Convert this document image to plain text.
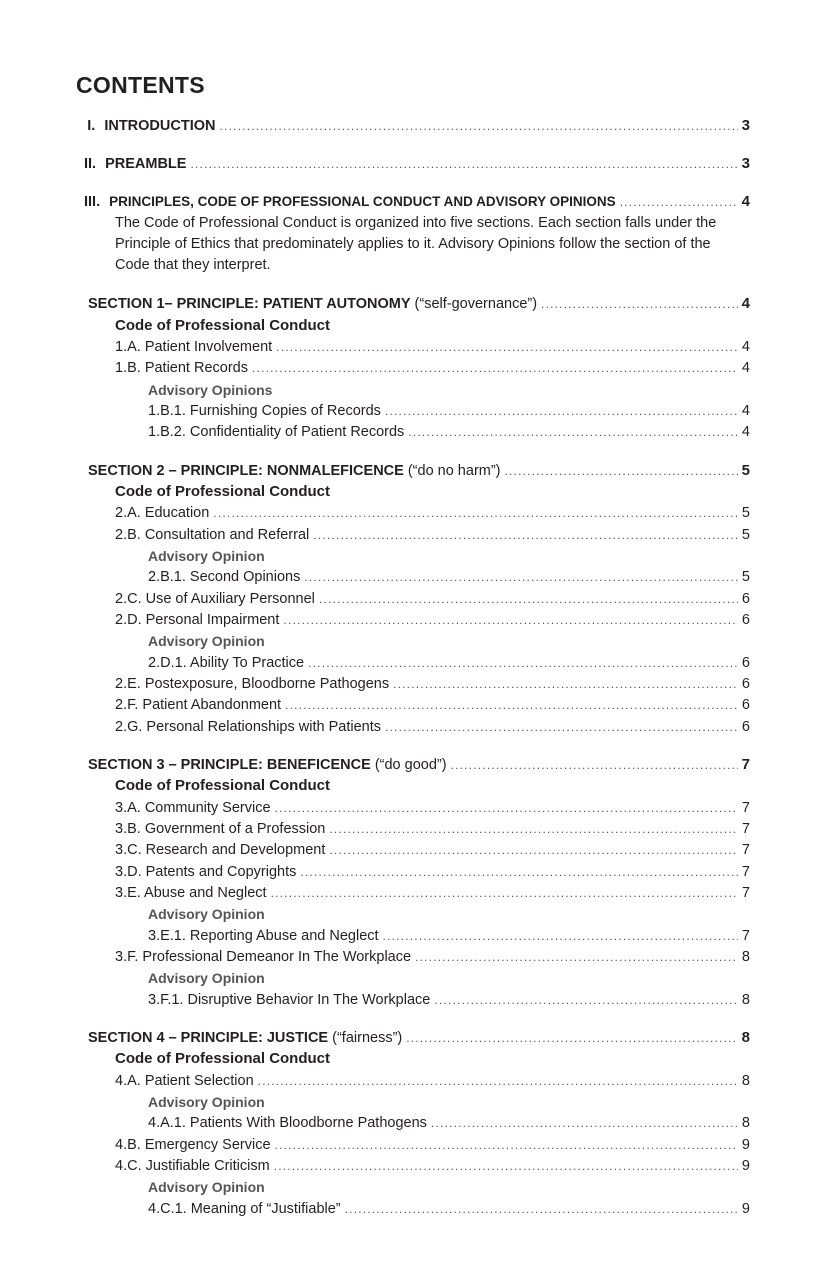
CONTENTS
I. INTRODUCTION .....	3
II. PREAMBLE .....	3
III. PRINCIPLES, CODE OF PROFESSIONAL CONDUCT AND ADVISORY OPINIONS .....	4

The Code of Professional Conduct is organized into five sections. Each section falls under the Principle of Ethics that predominately applies to it. Advisory Opinions follow the section of the Code that they interpret.

SECTION 1– PRINCIPLE: PATIENT AUTONOMY (“self-governance”) .....	4
Code of Professional Conduct
1.A. Patient Involvement .....	4
1.B. Patient Records .....	4
Advisory Opinions
1.B.1. Furnishing Copies of Records .....	4
1.B.2. Confidentiality of Patient Records .....	4
SECTION 2 – PRINCIPLE: NONMALEFICENCE (“do no harm”) .....	5
Code of Professional Conduct
2.A. Education .....	5
2.B. Consultation and Referral .....	5
Advisory Opinion
2.B.1. Second Opinions .....	5
2.C. Use of Auxiliary Personnel .....	6
2.D. Personal Impairment .....	6
Advisory Opinion
2.D.1. Ability To Practice .....	6
2.E. Postexposure, Bloodborne Pathogens .....	6
2.F. Patient Abandonment .....	6
2.G. Personal Relationships with Patients .....	6
SECTION 3 – PRINCIPLE: BENEFICENCE (“do good”) .....	7
Code of Professional Conduct
3.A. Community Service .....	7
3.B. Government of a Profession .....	7
3.C. Research and Development .....	7
3.D. Patents and Copyrights .....	7
3.E. Abuse and Neglect .....	7
Advisory Opinion
3.E.1. Reporting Abuse and Neglect .....	7
3.F. Professional Demeanor In The Workplace .....	8
Advisory Opinion
3.F.1. Disruptive Behavior In The Workplace .....	8
SECTION 4 – PRINCIPLE: JUSTICE (“fairness”) .....	8
Code of Professional Conduct
4.A. Patient Selection .....	8
Advisory Opinion
4.A.1. Patients With Bloodborne Pathogens .....	8
4.B. Emergency Service .....	9
4.C. Justifiable Criticism .....	9
Advisory Opinion
4.C.1. Meaning of “Justifiable” .....	9
